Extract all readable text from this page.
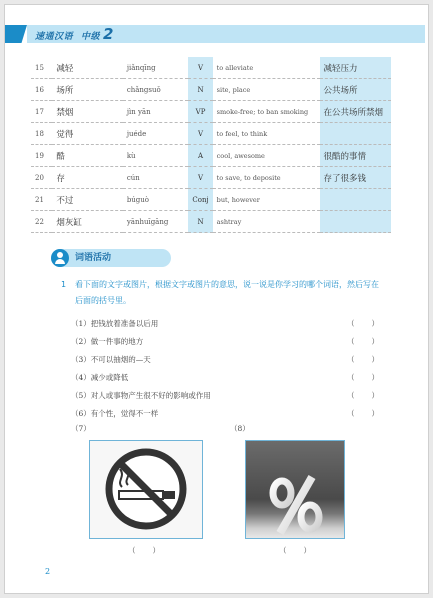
速通汉语 中级 2
15	减轻	jiǎnqīng	V	to alleviate	减轻压力
16	场所	chǎngsuǒ	N	site, place	公共场所
17	禁烟	jìn yān	VP	smoke-free; to ban smoking	在公共场所禁烟
18	觉得	juéde	V	to feel, to think	
19	酷	kù	A	cool, awesome	很酷的事情
20	存	cún	V	to save, to deposite	存了很多钱
21	不过	búguò	Conj	but, however	
22	烟灰缸	yānhuīgāng	N	ashtray	
词语活动
1 看下面的文字或图片，根据文字或图片的意思，说一说是你学习的哪个词语，然后写在后面的括号里。
（1）把钱放着准备以后用	（ ）
（2）做一件事的地方	（ ）
（3）不可以抽烟的—天	（ ）
（4）减少或降低	（ ）
（5）对人或事物产生很不好的影响或作用	（ ）
（6）有个性，觉得不一样	（ ）
（7）	（8）
（ ）	（ ）
2
